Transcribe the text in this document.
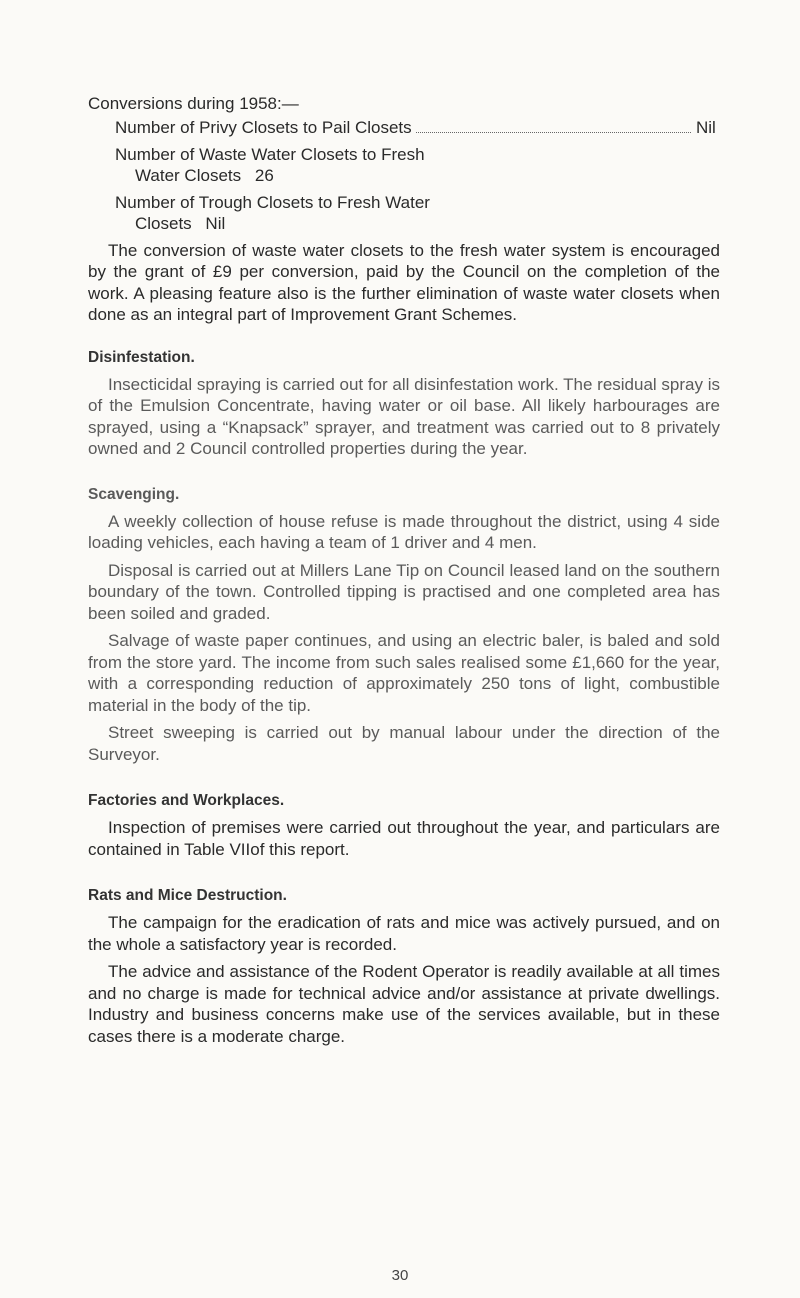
Conversions during 1958:—
Number of Privy Closets to Pail Closets	Nil
Number of Waste Water Closets to Fresh
Water Closets 26
Number of Trough Closets to Fresh Water
Closets Nil

The conversion of waste water closets to the fresh water system is encouraged by the grant of £9 per conversion, paid by the Council on the completion of the work. A pleasing feature also is the further elimination of waste water closets when done as an integral part of Improvement Grant Schemes.

Disinfestation.

Insecticidal spraying is carried out for all disinfestation work. The residual spray is of the Emulsion Concentrate, having water or oil base. All likely harbourages are sprayed, using a “Knapsack” sprayer, and treatment was carried out to 8 privately owned and 2 Council controlled properties during the year.

Scavenging.

A weekly collection of house refuse is made throughout the district, using 4 side loading vehicles, each having a team of 1 driver and 4 men.

Disposal is carried out at Millers Lane Tip on Council leased land on the southern boundary of the town. Controlled tipping is practised and one completed area has been soiled and graded.

Salvage of waste paper continues, and using an electric baler, is baled and sold from the store yard. The income from such sales realised some £1,660 for the year, with a corresponding reduction of approximately 250 tons of light, combustible material in the body of the tip.

Street sweeping is carried out by manual labour under the direction of the Surveyor.

Factories and Workplaces.

Inspection of premises were carried out throughout the year, and particulars are contained in Table VIIof this report.

Rats and Mice Destruction.

The campaign for the eradication of rats and mice was actively pursued, and on the whole a satisfactory year is recorded.

The advice and assistance of the Rodent Operator is readily available at all times and no charge is made for technical advice and/or assistance at private dwellings. Industry and business concerns make use of the services available, but in these cases there is a moderate charge.

30
